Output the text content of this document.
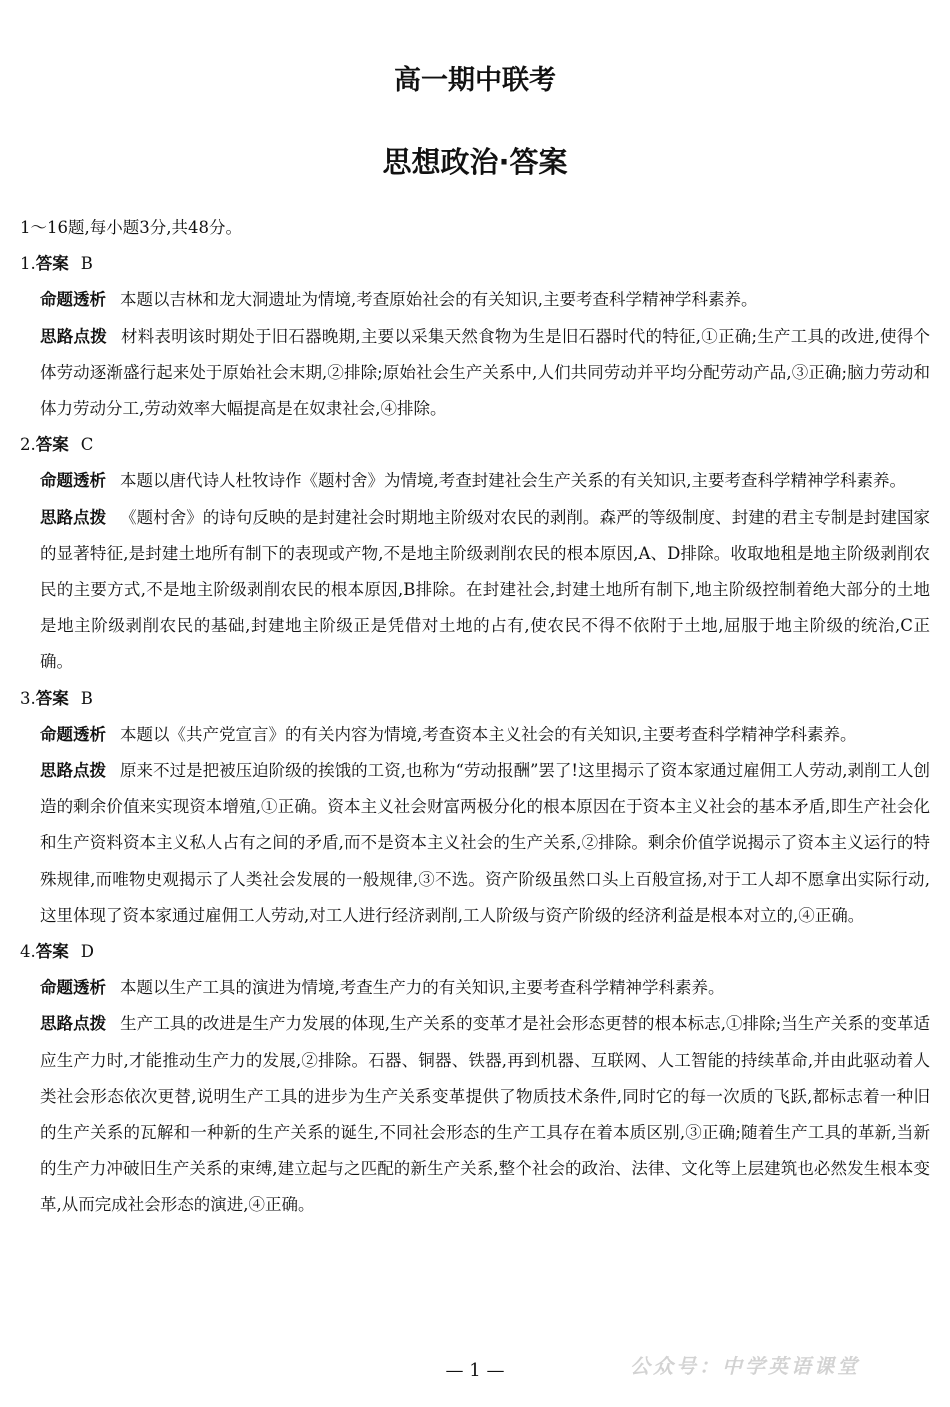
高一期中联考
思想政治·答案

1～16题,每小题3分,共48分。

1.答案 B

命题透析 本题以吉林和龙大洞遗址为情境,考查原始社会的有关知识,主要考查科学精神学科素养。

思路点拨 材料表明该时期处于旧石器晚期,主要以采集天然食物为生是旧石器时代的特征,①正确;生产工具的改进,使得个体劳动逐渐盛行起来处于原始社会末期,②排除;原始社会生产关系中,人们共同劳动并平均分配劳动产品,③正确;脑力劳动和体力劳动分工,劳动效率大幅提高是在奴隶社会,④排除。

2.答案 C

命题透析 本题以唐代诗人杜牧诗作《题村舍》为情境,考查封建社会生产关系的有关知识,主要考查科学精神学科素养。

思路点拨 《题村舍》的诗句反映的是封建社会时期地主阶级对农民的剥削。森严的等级制度、封建的君主专制是封建国家的显著特征,是封建土地所有制下的表现或产物,不是地主阶级剥削农民的根本原因,A、D排除。收取地租是地主阶级剥削农民的主要方式,不是地主阶级剥削农民的根本原因,B排除。在封建社会,封建土地所有制下,地主阶级控制着绝大部分的土地是地主阶级剥削农民的基础,封建地主阶级正是凭借对土地的占有,使农民不得不依附于土地,屈服于地主阶级的统治,C正确。

3.答案 B

命题透析 本题以《共产党宣言》的有关内容为情境,考查资本主义社会的有关知识,主要考查科学精神学科素养。

思路点拨 原来不过是把被压迫阶级的挨饿的工资,也称为“劳动报酬”罢了!这里揭示了资本家通过雇佣工人劳动,剥削工人创造的剩余价值来实现资本增殖,①正确。资本主义社会财富两极分化的根本原因在于资本主义社会的基本矛盾,即生产社会化和生产资料资本主义私人占有之间的矛盾,而不是资本主义社会的生产关系,②排除。剩余价值学说揭示了资本主义运行的特殊规律,而唯物史观揭示了人类社会发展的一般规律,③不选。资产阶级虽然口头上百般宣扬,对于工人却不愿拿出实际行动,这里体现了资本家通过雇佣工人劳动,对工人进行经济剥削,工人阶级与资产阶级的经济利益是根本对立的,④正确。

4.答案 D

命题透析 本题以生产工具的演进为情境,考查生产力的有关知识,主要考查科学精神学科素养。

思路点拨 生产工具的改进是生产力发展的体现,生产关系的变革才是社会形态更替的根本标志,①排除;当生产关系的变革适应生产力时,才能推动生产力的发展,②排除。石器、铜器、铁器,再到机器、互联网、人工智能的持续革命,并由此驱动着人类社会形态依次更替,说明生产工具的进步为生产关系变革提供了物质技术条件,同时它的每一次质的飞跃,都标志着一种旧的生产关系的瓦解和一种新的生产关系的诞生,不同社会形态的生产工具存在着本质区别,③正确;随着生产工具的革新,当新的生产力冲破旧生产关系的束缚,建立起与之匹配的新生产关系,整个社会的政治、法律、文化等上层建筑也必然发生根本变革,从而完成社会形态的演进,④正确。

— 1 —	公众号：中学英语课堂
